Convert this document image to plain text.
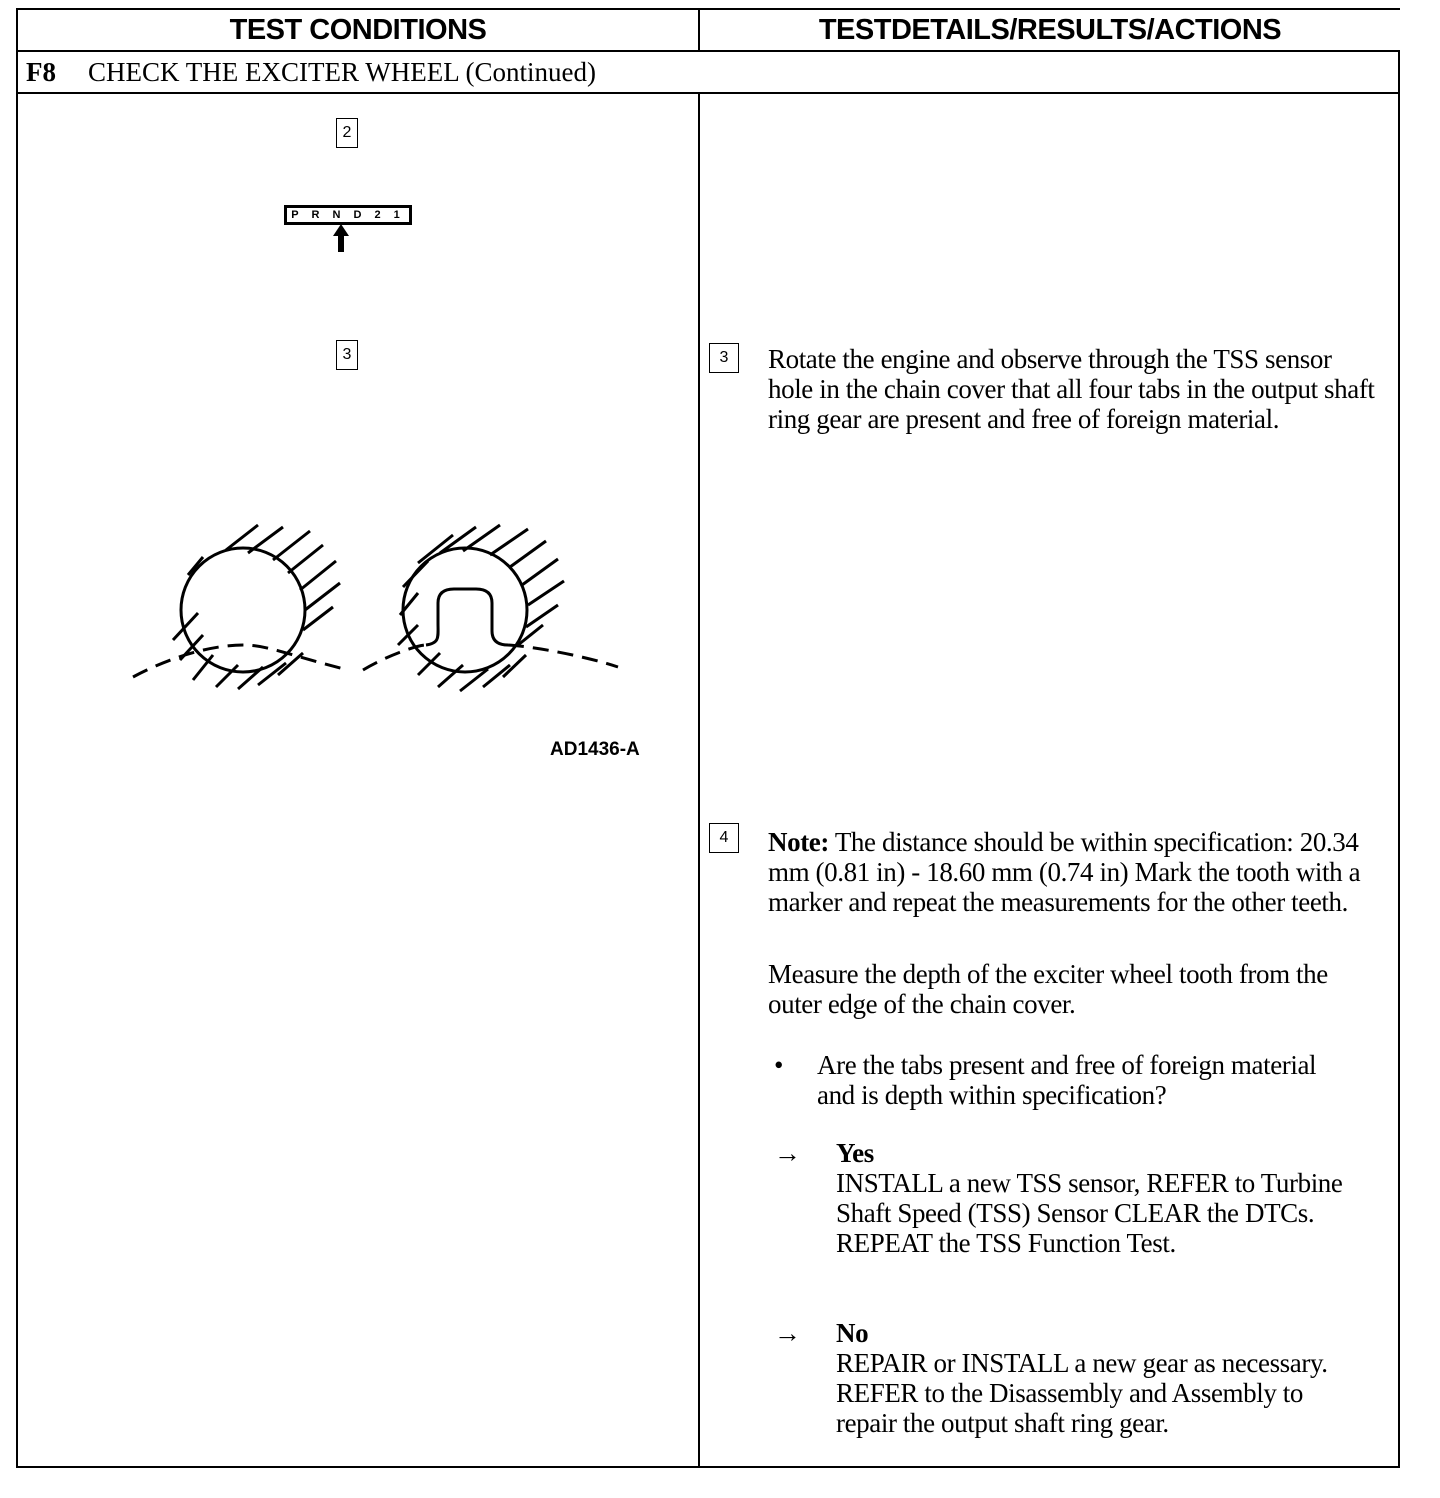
TEST CONDITIONS	TESTDETAILS/RESULTS/ACTIONS
F8 CHECK THE EXCITER WHEEL (Continued)
2
P R N D 2 1
3
AD1436-A
3	Rotate the engine and observe through the TSS sensor hole in the chain cover that all four tabs in the output shaft ring gear are present and free of foreign material.
4	Note: The distance should be within specification: 20.34 mm (0.81 in) - 18.60 mm (0.74 in) Mark the tooth with a marker and repeat the measurements for the other teeth.
Measure the depth of the exciter wheel tooth from the outer edge of the chain cover.
• Are the tabs present and free of foreign material and is depth within specification?
→ Yes
INSTALL a new TSS sensor, REFER to Turbine Shaft Speed (TSS) Sensor CLEAR the DTCs. REPEAT the TSS Function Test.
→ No
REPAIR or INSTALL a new gear as necessary. REFER to the Disassembly and Assembly to repair the output shaft ring gear.
